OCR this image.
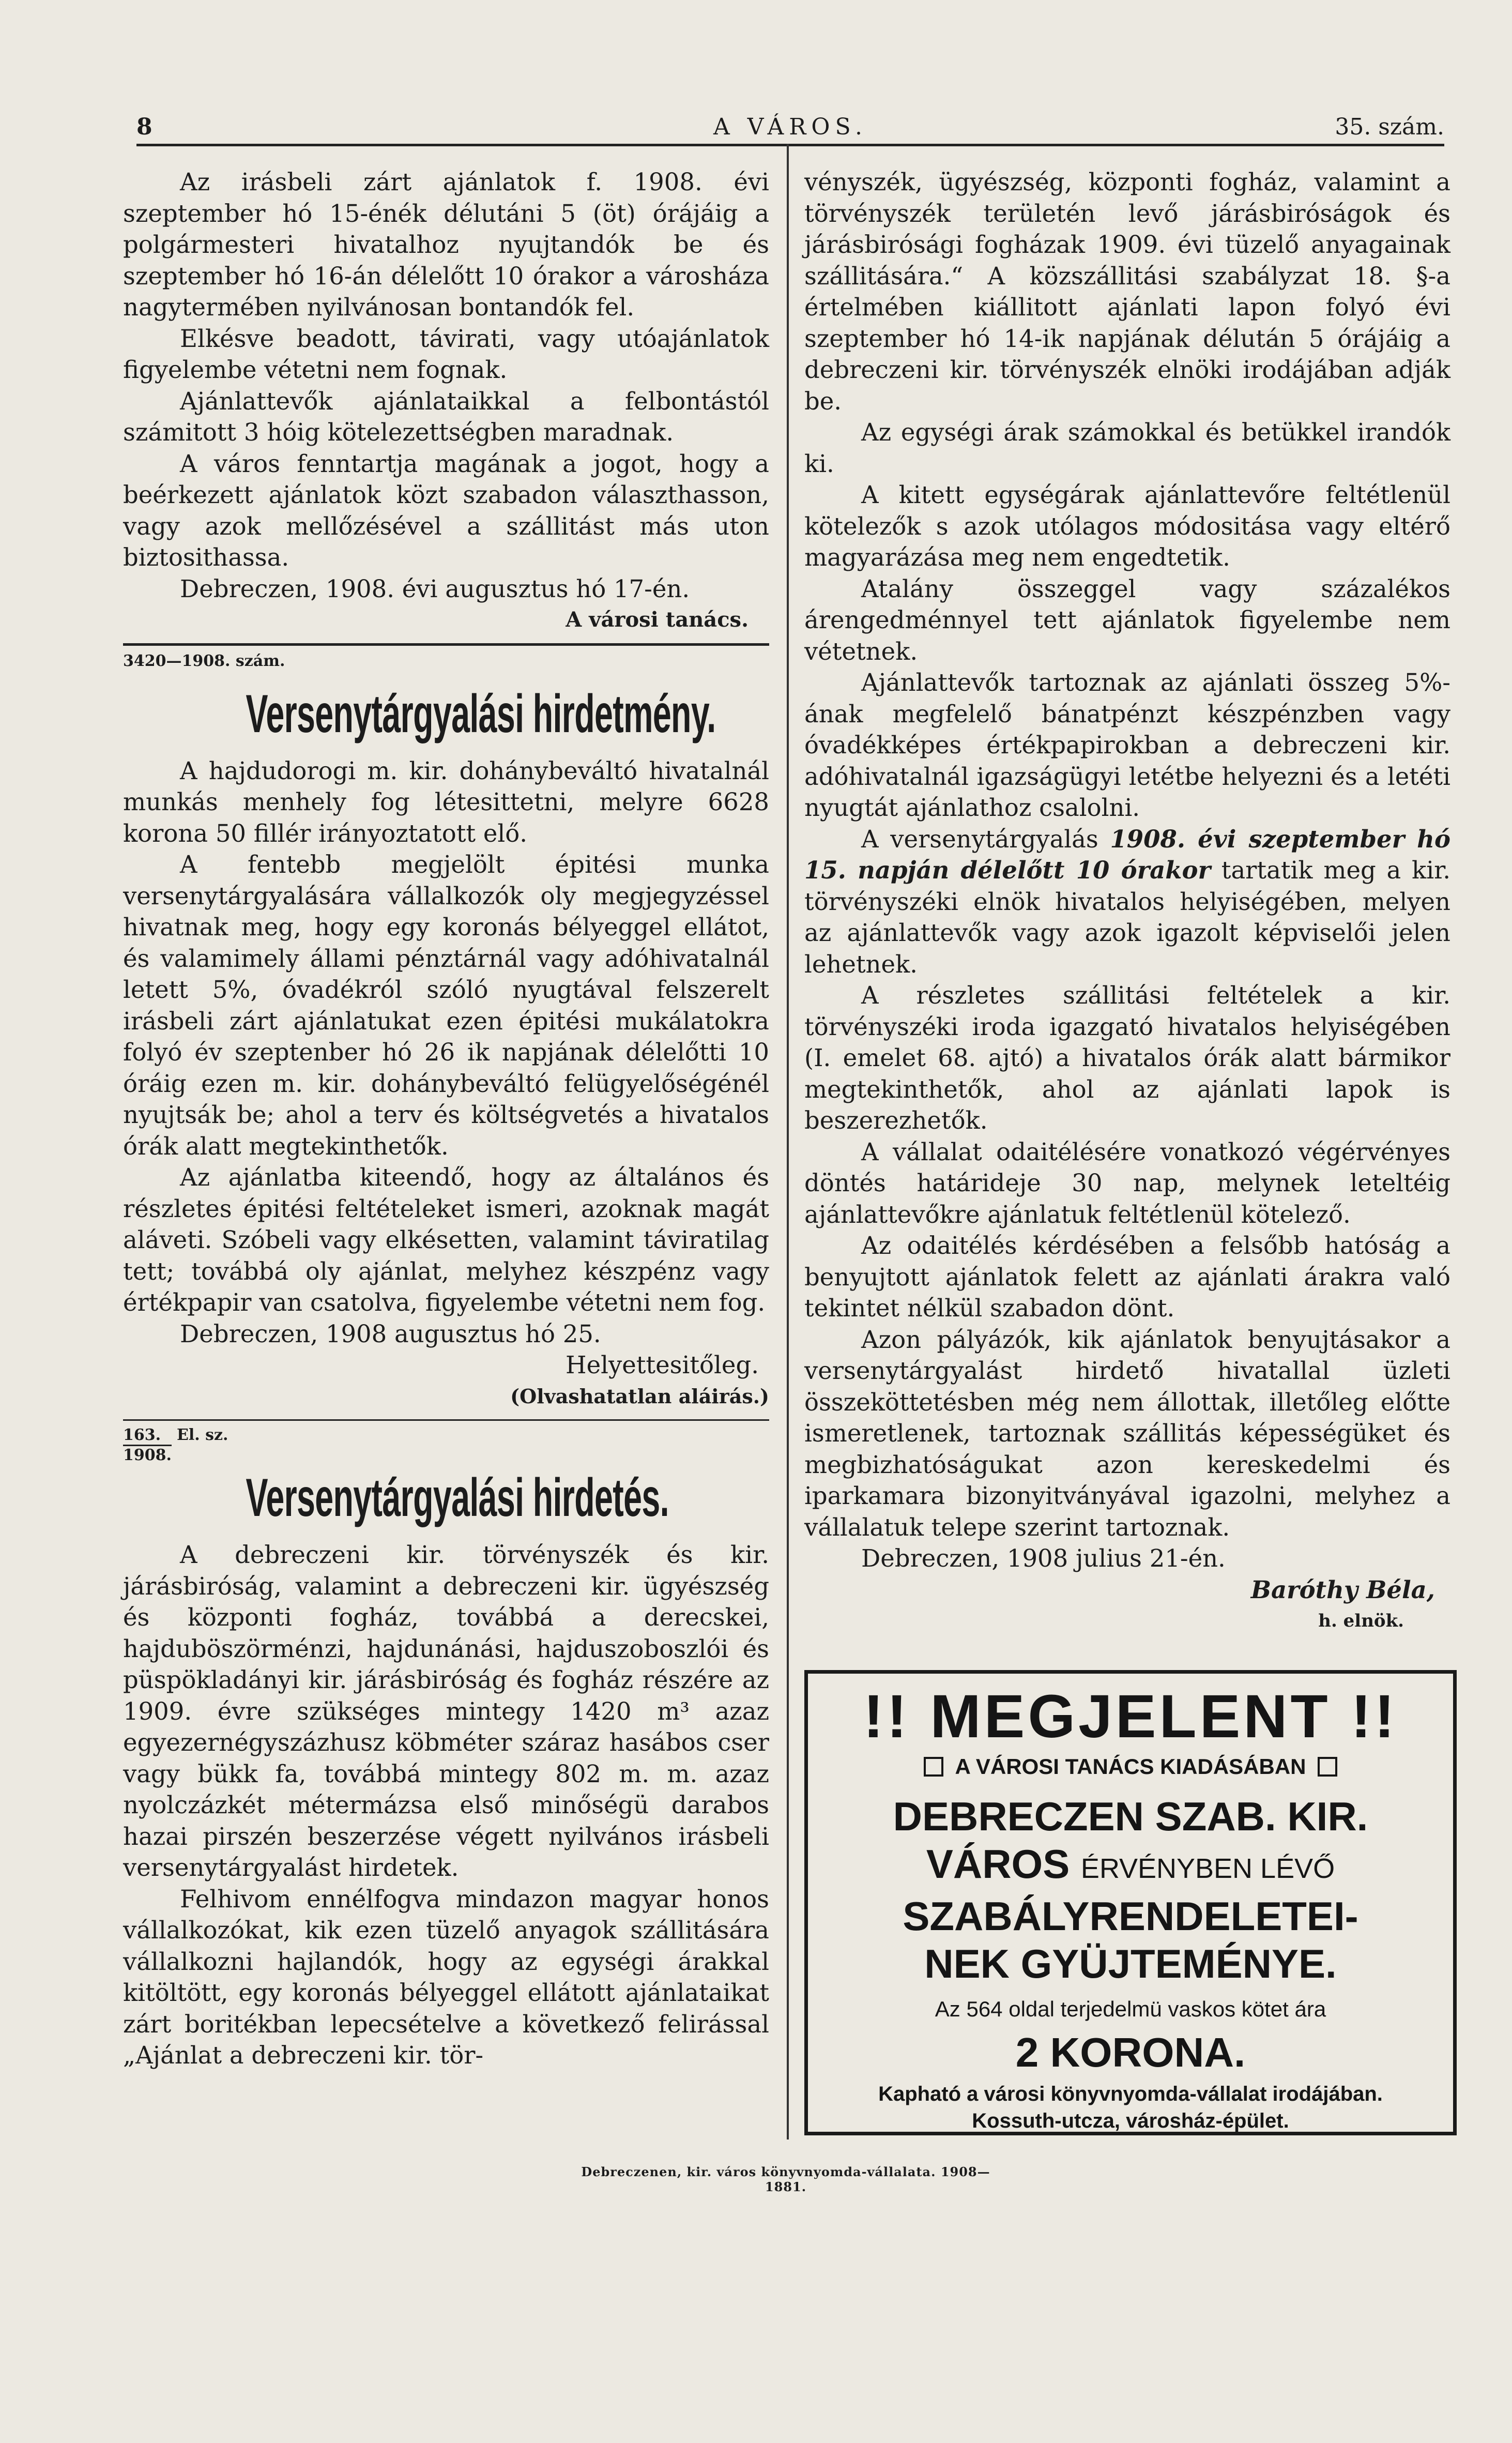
8	A VÁROS.	35. szám.

Az irásbeli zárt ajánlatok f. 1908. évi szeptember hó 15-énék délutáni 5 (öt) órájáig a polgármesteri hivatalhoz nyujtandók be és szeptember hó 16-án délelőtt 10 órakor a városháza nagytermében nyilvánosan bontandók fel.

Elkésve beadott, távirati, vagy utóajánlatok figyelembe vétetni nem fognak.

Ajánlattevők ajánlataikkal a felbontástól számitott 3 hóig kötelezettségben maradnak.

A város fenntartja magának a jogot, hogy a beérkezett ajánlatok közt szabadon választhasson, vagy azok mellőzésével a szállitást más uton biztosithassa.

Debreczen, 1908. évi augusztus hó 17-én.

A városi tanács.

3420—1908. szám.

Versenytárgyalási hirdetmény.

A hajdudorogi m. kir. dohánybeváltó hivatalnál munkás menhely fog létesittetni, melyre 6628 korona 50 fillér irányoztatott elő.

A fentebb megjelölt épitési munka versenytárgyalására vállalkozók oly megjegyzéssel hivatnak meg, hogy egy koronás bélyeggel ellátot, és valamimely állami pénztárnál vagy adóhivatalnál letett 5%, óvadékról szóló nyugtával felszerelt irásbeli zárt ajánlatukat ezen épitési mukálatokra folyó év szeptenber hó 26 ik napjának délelőtti 10 óráig ezen m. kir. dohánybeváltó felügyelőségénél nyujtsák be; ahol a terv és költségvetés a hivatalos órák alatt megtekinthetők.

Az ajánlatba kiteendő, hogy az általános és részletes épitési feltételeket ismeri, azoknak magát aláveti. Szóbeli vagy elkésetten, valamint táviratilag tett; továbbá oly ajánlat, melyhez készpénz vagy értékpapir van csatolva, figyelembe vétetni nem fog.

Debreczen, 1908 augusztus hó 25.

Helyettesitőleg.

(Olvashatatlan aláirás.)

163.
1908.
El. sz.
Versenytárgyalási hirdetés.

A debreczeni kir. törvényszék és kir. járásbiróság, valamint a debreczeni kir. ügyészség és központi fogház, továbbá a derecskei, hajduböszörménzi, hajdunánási, hajduszoboszlói és püspökladányi kir. járásbiróság és fogház részére az 1909. évre szükséges mintegy 1420 m³ azaz egyezernégyszázhusz köbméter száraz hasábos cser vagy bükk fa, továbbá mintegy 802 m. m. azaz nyolczázkét métermázsa első minőségü darabos hazai pirszén beszerzése végett nyilvános irásbeli versenytárgyalást hirdetek.

Felhivom ennélfogva mindazon magyar honos vállalkozókat, kik ezen tüzelő anyagok szállitására vállalkozni hajlandók, hogy az egységi árakkal kitöltött, egy koronás bélyeggel ellátott ajánlataikat zárt boritékban lepecsételve a következő felirással „Ajánlat a debreczeni kir. tör-

vényszék, ügyészség, központi fogház, valamint a törvényszék területén levő járásbiróságok és járásbirósági fogházak 1909. évi tüzelő anyagainak szállitására.“ A közszállitási szabályzat 18. §-a értelmében kiállitott ajánlati lapon folyó évi szeptember hó 14-ik napjának délután 5 órájáig a debreczeni kir. törvényszék elnöki irodájában adják be.

Az egységi árak számokkal és betükkel irandók ki.

A kitett egységárak ajánlattevőre feltétlenül kötelezők s azok utólagos módositása vagy eltérő magyarázása meg nem engedtetik.

Atalány összeggel vagy százalékos árengedménnyel tett ajánlatok figyelembe nem vétetnek.

Ajánlattevők tartoznak az ajánlati összeg 5%-ának megfelelő bánatpénzt készpénzben vagy óvadékképes értékpapirokban a debreczeni kir. adóhivatalnál igazságügyi letétbe helyezni és a letéti nyugtát ajánlathoz csalolni.

A versenytárgyalás 1908. évi szeptember hó 15. napján délelőtt 10 órakor tartatik meg a kir. törvényszéki elnök hivatalos helyiségében, melyen az ajánlattevők vagy azok igazolt képviselői jelen lehetnek.

A részletes szállitási feltételek a kir. törvényszéki iroda igazgató hivatalos helyiségében (I. emelet 68. ajtó) a hivatalos órák alatt bármikor megtekinthetők, ahol az ajánlati lapok is beszerezhetők.

A vállalat odaitélésére vonatkozó végérvényes döntés határideje 30 nap, melynek leteltéig ajánlattevőkre ajánlatuk feltétlenül kötelező.

Az odaitélés kérdésében a felsőbb hatóság a benyujtott ajánlatok felett az ajánlati árakra való tekintet nélkül szabadon dönt.

Azon pályázók, kik ajánlatok benyujtásakor a versenytárgyalást hirdető hivatallal üzleti összeköttetésben még nem állottak, illetőleg előtte ismeretlenek, tartoznak szállitás képességüket és megbizhatóságukat azon kereskedelmi és iparkamara bizonyitványával igazolni, melyhez a vállalatuk telepe szerint tartoznak.

Debreczen, 1908 julius 21-én.

Baróthy Béla,

h. elnök.

!! MEGJELENT !!
A VÁROSI TANÁCS KIADÁSÁBAN
DEBRECZEN SZAB. KIR.
VÁROS ÉRVÉNYBEN LÉVŐ
SZABÁLYRENDELETEI-
NEK GYÜJTEMÉNYE.
Az 564 oldal terjedelmü vaskos kötet ára
2 KORONA.
Kapható a városi könyvnyomda-vállalat irodájában.
Kossuth-utcza, városház-épület.
Debreczenen, kir. város könyvnyomda-vállalata. 1908—1881.
